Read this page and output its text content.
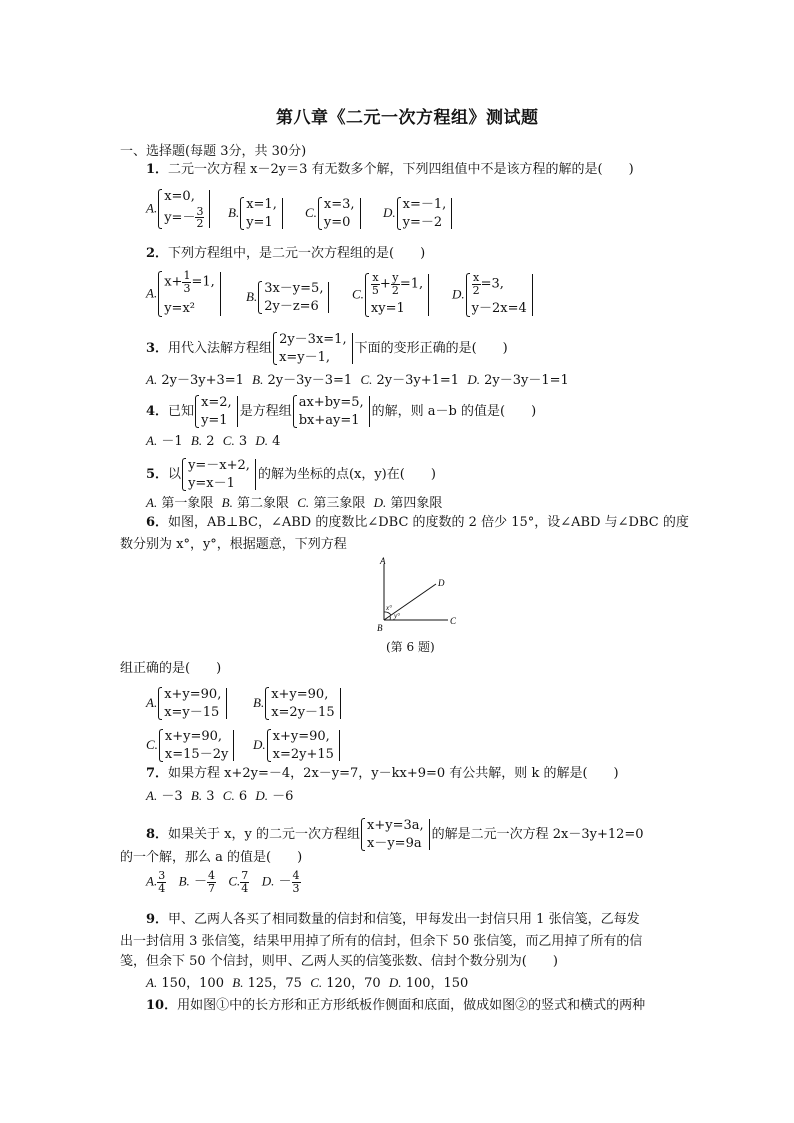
第八章《二元一次方程组》测试题
一、选择题(每题 3分，共 30分)
1．二元一次方程 x－2y＝3 有无数多个解，下列四组值中不是该方程的解的是(　　)
A.
x=0,
$y=- \frac{3}{2} B$.
x=1,
y=1
C.
x=3,
y=0
D.
x=－1,
y=－2
2．下列方程组中，是二元一次方程组的是(　　)
A.
$x+ \frac{1}{3} =1$,
y=x²
B.
3x－y=5,
2y－z=6
C. $\frac{x}{5} + \frac{y}{2} =1$,
xy=1
D. $\frac{x}{2} =3$,
y－2x=4
3．用代入法解方程组
2y－3x=1,
x=y－1,
下面的变形正确的是(　　)
A. 2y－3y+3=1 B. 2y－3y－3=1 C. 2y－3y+1=1 D. 2y－3y－1=1
4．已知
x=2,
y=1
是方程组
ax+by=5,
bx+ay=1
的解，则 a－b 的值是(　　)
A. －1 B. 2 C. 3 D. 4
5．以
y=－x+2,
y=x－1
的解为坐标的点(x，y)在(　　)
A. 第一象限 B. 第二象限 C. 第三象限 D. 第四象限
6．如图，AB⊥BC，∠ABD 的度数比∠DBC 的度数的 2 倍少 15°，设∠ABD 与∠DBC 的度
数分别为 x°，y°，根据题意，下列方程
A
B
C
D
x°
y°
(第 6 题)
组正确的是(　　)
A.
x+y=90,
x=y－15
B.
x+y=90,
x=2y－15
C.
x+y=90,
x=15－2y
D.
x+y=90,
x=2y+15
7．如果方程 x+2y=－4，2x－y=7，y－kx+9=0 有公共解，则 k 的解是(　　)
A. －3 B. 3 C. 6 D. －6
8．如果关于 x，y 的二元一次方程组
x+y=3a,
x－y=9a
的解是二元一次方程 2x－3y+12=0
的一个解，那么 a 的值是(　　)
A. $\frac{3}{4} B$. － $\frac{4}{7} C$. $\frac{7}{4} D$. － $\frac{4}{3}$
9．甲、乙两人各买了相同数量的信封和信笺，甲每发出一封信只用 1 张信笺，乙每发
出一封信用 3 张信笺，结果甲用掉了所有的信封，但余下 50 张信笺，而乙用掉了所有的信
笺，但余下 50 个信封，则甲、乙两人买的信笺张数、信封个数分别为(　　)
A. 150，100 B. 125，75 C. 120，70 D. 100，150
10．用如图①中的长方形和正方形纸板作侧面和底面，做成如图②的竖式和横式的两种
